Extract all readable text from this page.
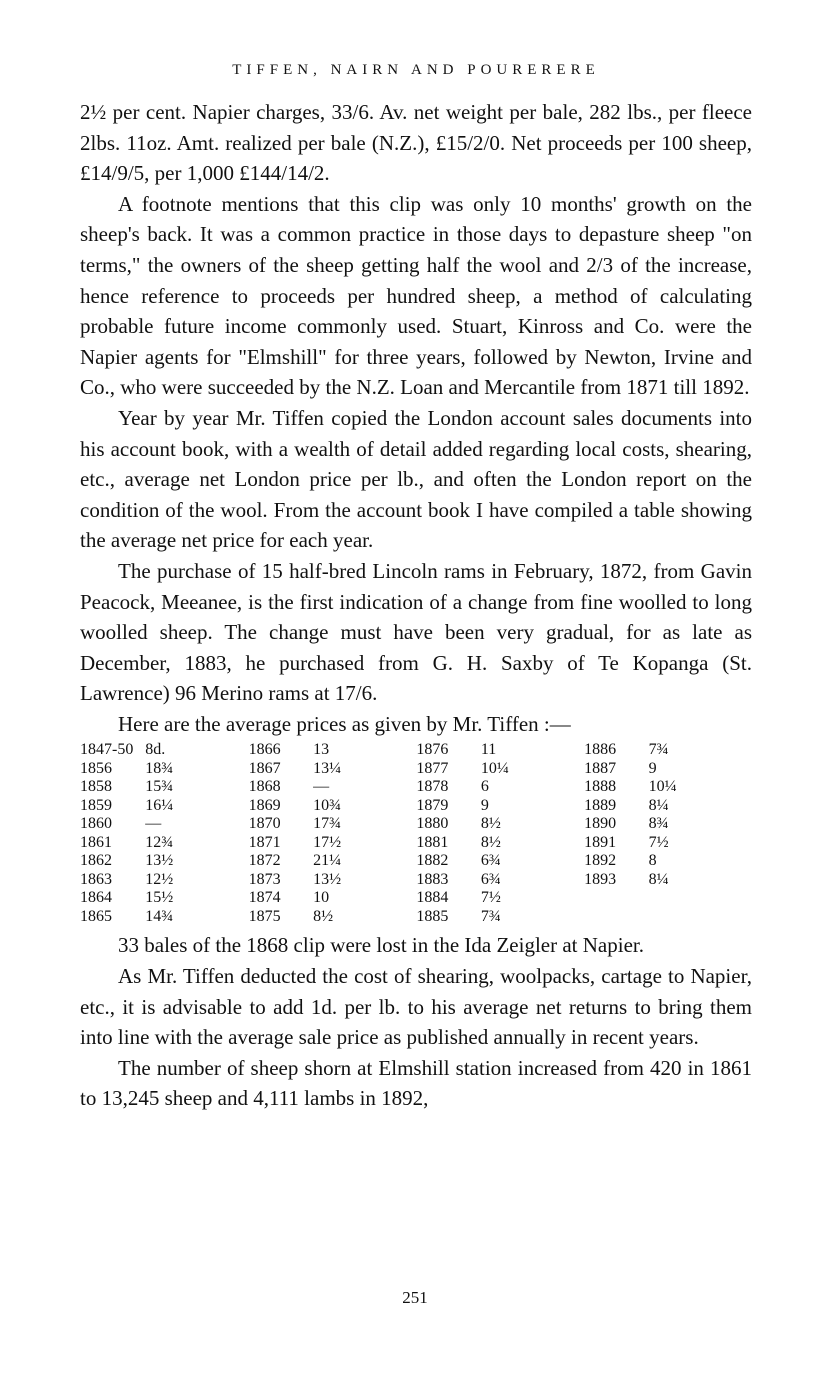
TIFFEN, NAIRN AND POURERERE

2½ per cent. Napier charges, 33/6. Av. net weight per bale, 282 lbs., per fleece 2lbs. 11oz. Amt. realized per bale (N.Z.), £15/2/0. Net proceeds per 100 sheep, £14/9/5, per 1,000 £144/14/2.

A footnote mentions that this clip was only 10 months' growth on the sheep's back. It was a common practice in those days to depasture sheep "on terms," the owners of the sheep getting half the wool and 2/3 of the increase, hence reference to proceeds per hundred sheep, a method of calculating probable future income commonly used. Stuart, Kinross and Co. were the Napier agents for "Elmshill" for three years, followed by Newton, Irvine and Co., who were succeeded by the N.Z. Loan and Mercantile from 1871 till 1892.

Year by year Mr. Tiffen copied the London account sales documents into his account book, with a wealth of detail added regarding local costs, shearing, etc., average net London price per lb., and often the London report on the condition of the wool. From the account book I have compiled a table showing the average net price for each year.

The purchase of 15 half-bred Lincoln rams in February, 1872, from Gavin Peacock, Meeanee, is the first indication of a change from fine woolled to long woolled sheep. The change must have been very gradual, for as late as December, 1883, he purchased from G. H. Saxby of Te Kopanga (St. Lawrence) 96 Merino rams at 17/6.

Here are the average prices as given by Mr. Tiffen :—

1847-50	8d.	1866	13	1876	11	1886	7¾
1856	18¾	1867	13¼	1877	10¼	1887	9
1858	15¾	1868	—	1878	6	1888	10¼
1859	16¼	1869	10¾	1879	9	1889	8¼
1860	—	1870	17¾	1880	8½	1890	8¾
1861	12¾	1871	17½	1881	8½	1891	7½
1862	13½	1872	21¼	1882	6¾	1892	8
1863	12½	1873	13½	1883	6¾	1893	8¼
1864	15½	1874	10	1884	7½		
1865	14¾	1875	8½	1885	7¾		

33 bales of the 1868 clip were lost in the Ida Zeigler at Napier.

As Mr. Tiffen deducted the cost of shearing, woolpacks, cartage to Napier, etc., it is advisable to add 1d. per lb. to his average net returns to bring them into line with the average sale price as published annually in recent years.

The number of sheep shorn at Elmshill station increased from 420 in 1861 to 13,245 sheep and 4,111 lambs in 1892,

251
